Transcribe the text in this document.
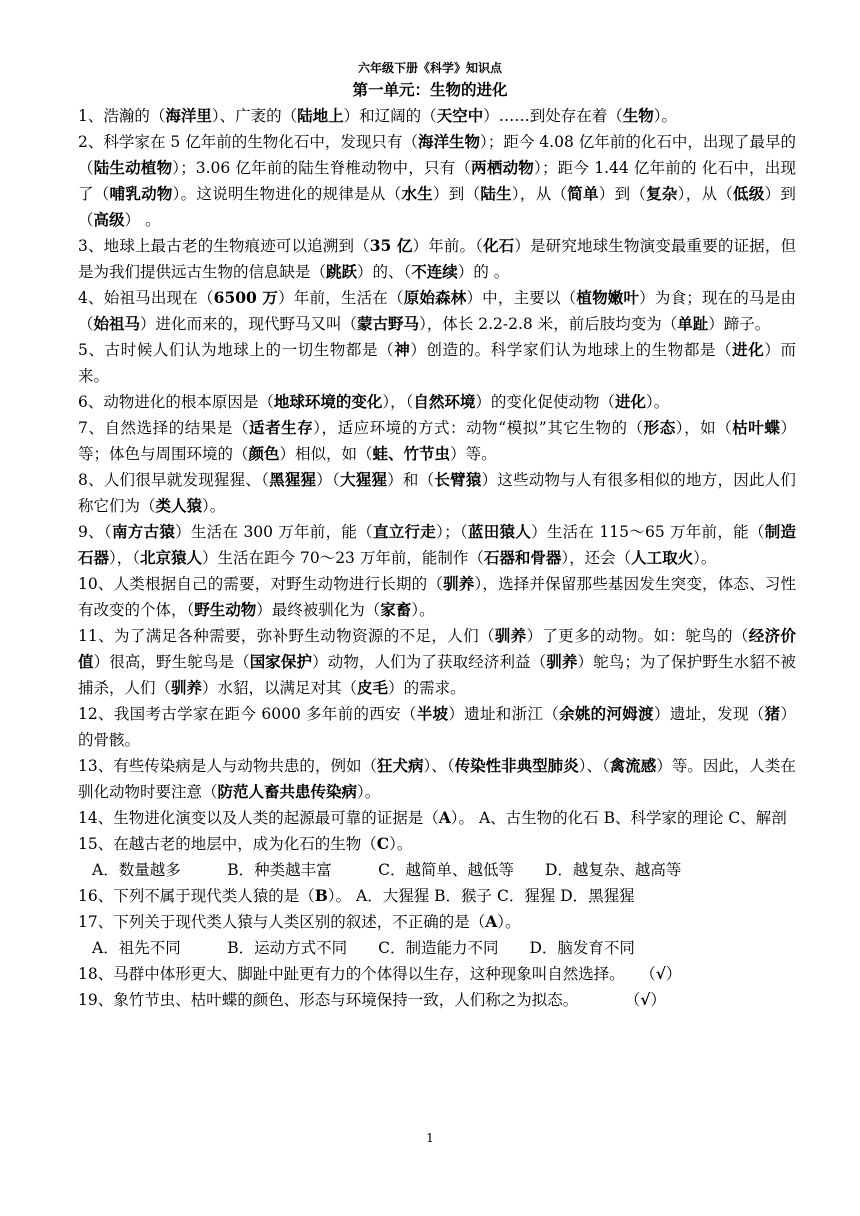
六年级下册《科学》知识点
第一单元：生物的进化
1、浩瀚的（海洋里）、广袤的（陆地上）和辽阔的（天空中）……到处存在着（生物）。
2、科学家在 5 亿年前的生物化石中，发现只有（海洋生物）；距今 4.08 亿年前的化石中，出现了最早的（陆生动植物）；3.06 亿年前的陆生脊椎动物中，只有（两栖动物）；距今 1.44 亿年前的 化石中，出现了（哺乳动物）。这说明生物进化的规律是从（水生）到（陆生），从（简单）到（复杂），从（低级）到（高级） 。
3、地球上最古老的生物痕迹可以追溯到（35 亿）年前。（化石）是研究地球生物演变最重要的证据，但是为我们提供远古生物的信息缺是（跳跃）的、（不连续）的 。
4、始祖马出现在（6500 万）年前，生活在（原始森林）中，主要以（植物嫩叶）为食；现在的马是由（始祖马）进化而来的，现代野马又叫（蒙古野马），体长 2.2-2.8 米，前后肢均变为（单趾）蹄子。
5、古时候人们认为地球上的一切生物都是（神）创造的。科学家们认为地球上的生物都是（进化）而来。
6、动物进化的根本原因是（地球环境的变化），（自然环境）的变化促使动物（进化）。
7、自然选择的结果是（适者生存），适应环境的方式：动物“模拟”其它生物的（形态），如（枯叶蝶）等；体色与周围环境的（颜色）相似，如（蛙、竹节虫）等。
8、人们很早就发现猩猩、（黑猩猩）（大猩猩）和（长臂猿）这些动物与人有很多相似的地方，因此人们称它们为（类人猿）。
9、（南方古猿）生活在 300 万年前，能（直立行走）；（蓝田猿人）生活在 115～65 万年前，能（制造石器），（北京猿人）生活在距今 70～23 万年前，能制作（石器和骨器），还会（人工取火）。
10、人类根据自己的需要，对野生动物进行长期的（驯养），选择并保留那些基因发生突变，体态、习性有改变的个体，（野生动物）最终被驯化为（家畜）。
11、为了满足各种需要，弥补野生动物资源的不足，人们（驯养）了更多的动物。如：鸵鸟的（经济价值）很高，野生鸵鸟是（国家保护）动物，人们为了获取经济利益（驯养）鸵鸟；为了保护野生水貂不被捕杀，人们（驯养）水貂，以满足对其（皮毛）的需求。
12、我国考古学家在距今 6000 多年前的西安（半坡）遗址和浙江（余姚的河姆渡）遗址，发现（猪）的骨骸。
13、有些传染病是人与动物共患的，例如（狂犬病）、（传染性非典型肺炎）、（禽流感）等。因此，人类在驯化动物时要注意（防范人畜共患传染病）。
14、生物进化演变以及人类的起源最可靠的证据是（A）。 A、古生物的化石 B、科学家的理论 C、解剖
15、在越古老的地层中，成为化石的生物（C）。
A．数量越多　　　B．种类越丰富　　　C．越简单、越低等　　D．越复杂、越高等
16、下列不属于现代类人猿的是（B）。 A．大猩猩 B．猴子 C．猩猩 D．黑猩猩
17、下列关于现代类人猿与人类区别的叙述，不正确的是（A）。
A．祖先不同　　　B．运动方式不同　　C．制造能力不同　　D．脑发育不同
18、马群中体形更大、脚趾中趾更有力的个体得以生存，这种现象叫自然选择。　　（√）
19、象竹节虫、枯叶蝶的颜色、形态与环境保持一致，人们称之为拟态。　　　　（√）
1
